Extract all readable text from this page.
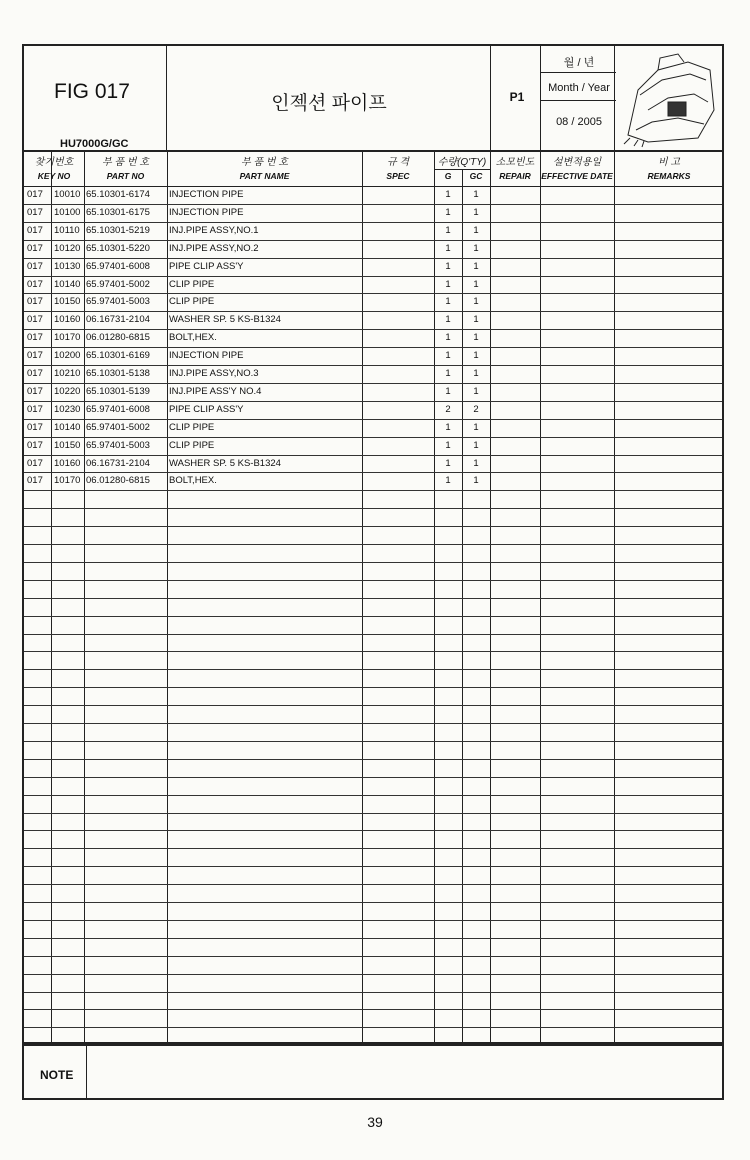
FIG 017
HU7000G/GC
인젝션 파이프	P1
월 / 년
Month / Year
08 / 2005
찾기번호
KEY NO
부 품 번 호
PART NO
부 품 번 호
PART NAME
규 격
SPEC
수량(Q'TY)
G	GC
소모빈도
REPAIR
설변적용일
EFFECTIVE DATE
비 고
REMARKS
017	10010 65.10301-6174	INJECTION PIPE	1	1
017	10100 65.10301-6175	INJECTION PIPE	1	1
017	10110 65.10301-5219	INJ.PIPE ASSY,NO.1	1	1
017	10120 65.10301-5220	INJ.PIPE ASSY,NO.2	1	1
017	10130 65.97401-6008	PIPE CLIP ASS'Y	1	1
017	10140 65.97401-5002	CLIP PIPE	1	1
017	10150 65.97401-5003	CLIP PIPE	1	1
017	10160 06.16731-2104	WASHER SP. 5 KS-B1324	1	1
017	10170 06.01280-6815	BOLT,HEX.	1	1
017	10200 65.10301-6169	INJECTION PIPE	1	1
017	10210 65.10301-5138	INJ.PIPE ASSY,NO.3	1	1
017	10220 65.10301-5139	INJ.PIPE ASS'Y NO.4	1	1
017	10230 65.97401-6008	PIPE CLIP ASS'Y	2	2
017	10140 65.97401-5002	CLIP PIPE	1	1
017	10150 65.97401-5003	CLIP PIPE	1	1
017	10160 06.16731-2104	WASHER SP. 5 KS-B1324	1	1
017	10170 06.01280-6815	BOLT,HEX.	1	1
NOTE
39
